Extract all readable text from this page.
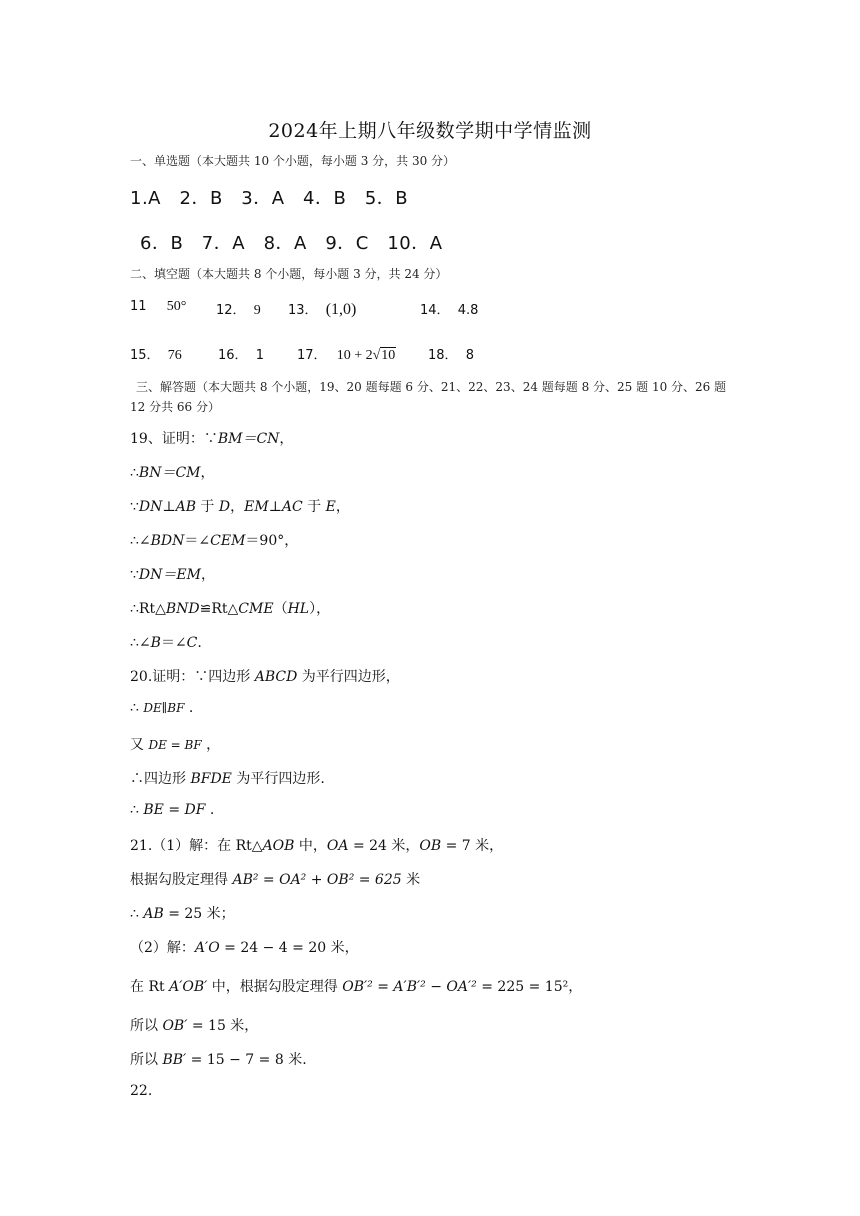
2024年上期八年级数学期中学情监测
一、单选题（本大题共 10 个小题，每小题 3 分，共 30 分）
1.A　2．B　3．A　4．B　5．B
6．B　7．A　8．A　9．C　10．A
二、填空题（本大题共 8 个小题，每小题 3 分，共 24 分）
11 50° 12． 9 13． (1,0)	14． 4.8
15． 76	16． 1	17． 10 + 2√10	18． 8
三、解答题（本大题共 8 个小题，19、20 题每题 6 分、21、22、23、24 题每题 8 分、25 题 10 分、26 题 12 分共 66 分）
19、证明：∵BM＝CN，
∴BN＝CM，
∵DN⊥AB 于 D，EM⊥AC 于 E，
∴∠BDN＝∠CEM＝90°，
∵DN＝EM，
∴Rt△BND≌Rt△CME（HL），
∴∠B＝∠C.
20.证明：∵四边形 ABCD 为平行四边形，
∴ DE∥BF .
又 DE = BF ，
∴四边形 BFDE 为平行四边形.
∴ BE = DF .
21.（1）解：在 Rt△AOB 中，OA = 24 米，OB = 7 米，
根据勾股定理得 AB² = OA² + OB² = 625 米
∴ AB = 25 米；
（2）解：A′O = 24 − 4 = 20 米，
在 Rt A′OB′ 中，根据勾股定理得 OB′² = A′B′² − OA′² = 225 = 15²，
所以 OB′ = 15 米，
所以 BB′ = 15 − 7 = 8 米.
22.
